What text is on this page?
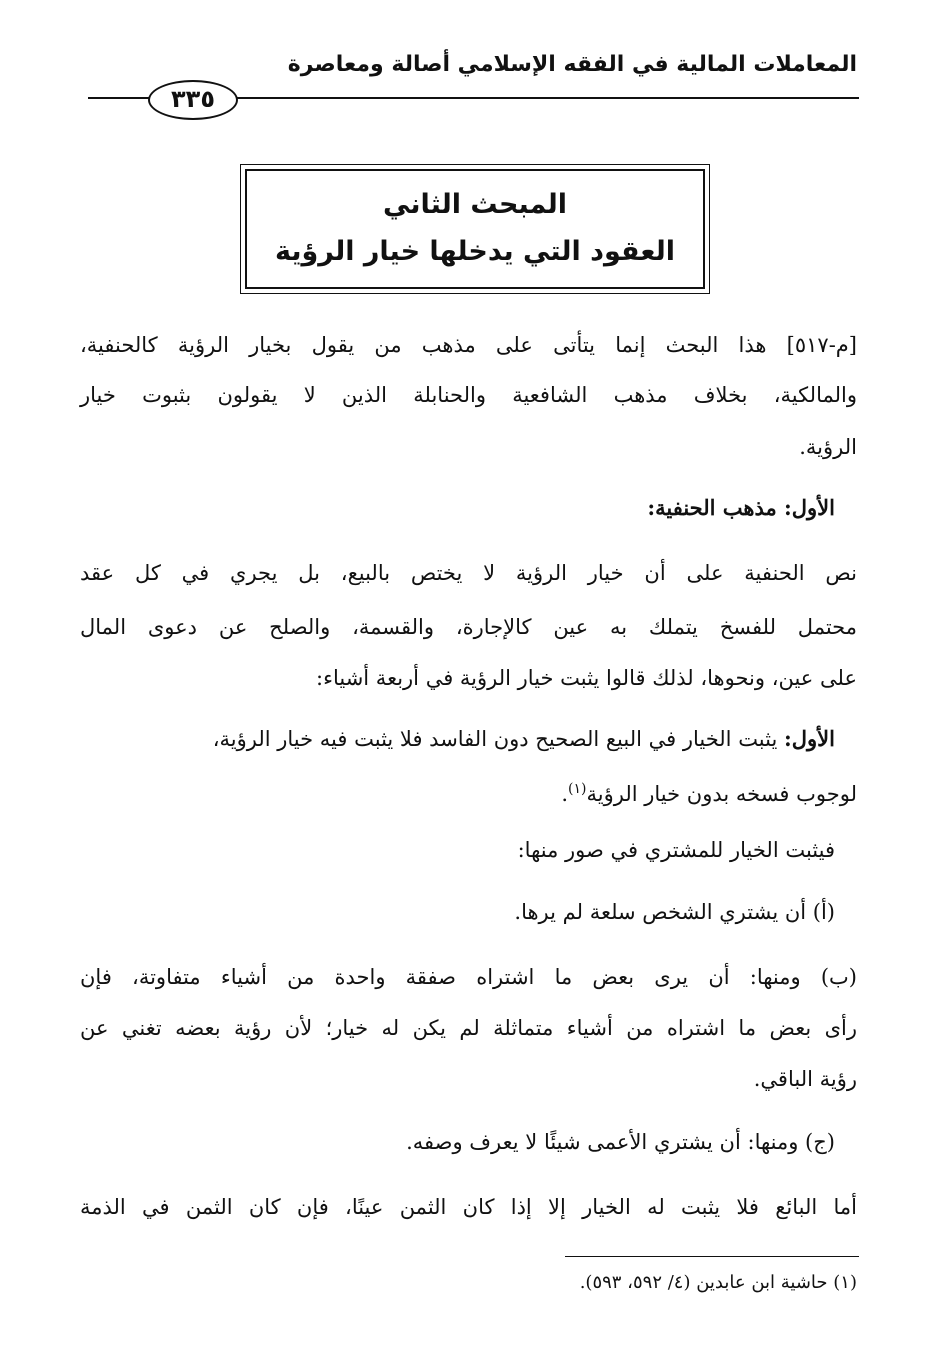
المعاملات المالية في الفقه الإسلامي أصالة ومعاصرة
٣٣٥
المبحث الثاني
العقود التي يدخلها خيار الرؤية
[م-٥١٧] هذا البحث إنما يتأتى على مذهب من يقول بخيار الرؤية كالحنفية،
والمالكية، بخلاف مذهب الشافعية والحنابلة الذين لا يقولون بثبوت خيار
الرؤية.
الأول: مذهب الحنفية:
نص الحنفية على أن خيار الرؤية لا يختص بالبيع، بل يجري في كل عقد
محتمل للفسخ يتملك به عين كالإجارة، والقسمة، والصلح عن دعوى المال
على عين، ونحوها، لذلك قالوا يثبت خيار الرؤية في أربعة أشياء:
الأول: يثبت الخيار في البيع الصحيح دون الفاسد فلا يثبت فيه خيار الرؤية،
لوجوب فسخه بدون خيار الرؤية$^{(١)}$.
فيثبت الخيار للمشتري في صور منها:
(أ) أن يشتري الشخص سلعة لم يرها.
(ب) ومنها: أن يرى بعض ما اشتراه صفقة واحدة من أشياء متفاوتة، فإن
رأى بعض ما اشتراه من أشياء متماثلة لم يكن له خيار؛ لأن رؤية بعضه تغني عن
رؤية الباقي.
(ج) ومنها: أن يشتري الأعمى شيئًا لا يعرف وصفه.
أما البائع فلا يثبت له الخيار إلا إذا كان الثمن عينًا، فإن كان الثمن في الذمة
(١) حاشية ابن عابدين (٤/ ٥٩٢، ٥٩٣).
